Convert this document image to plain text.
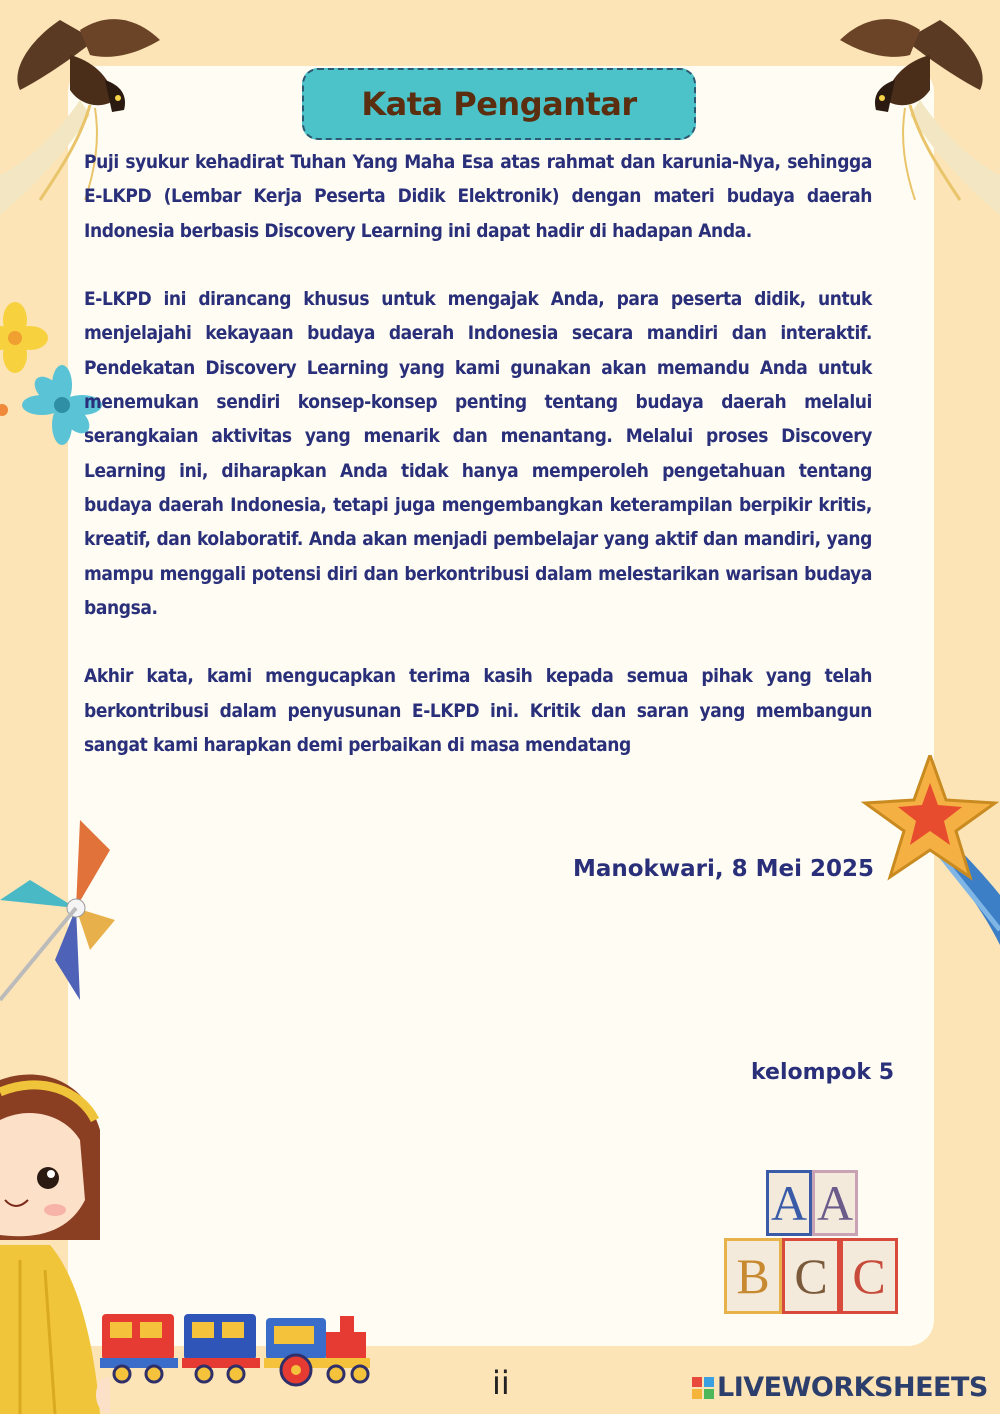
A A
B C C
Kata Pengantar

Puji syukur kehadirat Tuhan Yang Maha Esa atas rahmat dan karunia-Nya, sehingga E-LKPD (Lembar Kerja Peserta Didik Elektronik) dengan materi budaya daerah Indonesia berbasis Discovery Learning ini dapat hadir di hadapan Anda.

E-LKPD ini dirancang khusus untuk mengajak Anda, para peserta didik, untuk menjelajahi kekayaan budaya daerah Indonesia secara mandiri dan interaktif. Pendekatan Discovery Learning yang kami gunakan akan memandu Anda untuk menemukan sendiri konsep-konsep penting tentang budaya daerah melalui serangkaian aktivitas yang menarik dan menantang. Melalui proses Discovery Learning ini, diharapkan Anda tidak hanya memperoleh pengetahuan tentang budaya daerah Indonesia, tetapi juga mengembangkan keterampilan berpikir kritis, kreatif, dan kolaboratif. Anda akan menjadi pembelajar yang aktif dan mandiri, yang mampu menggali potensi diri dan berkontribusi dalam melestarikan warisan budaya bangsa.

Akhir kata, kami mengucapkan terima kasih kepada semua pihak yang telah berkontribusi dalam penyusunan E-LKPD ini. Kritik dan saran yang membangun sangat kami harapkan demi perbaikan di masa mendatang

Manokwari, 8 Mei 2025
kelompok 5
ii	LIVEWORKSHEETS
